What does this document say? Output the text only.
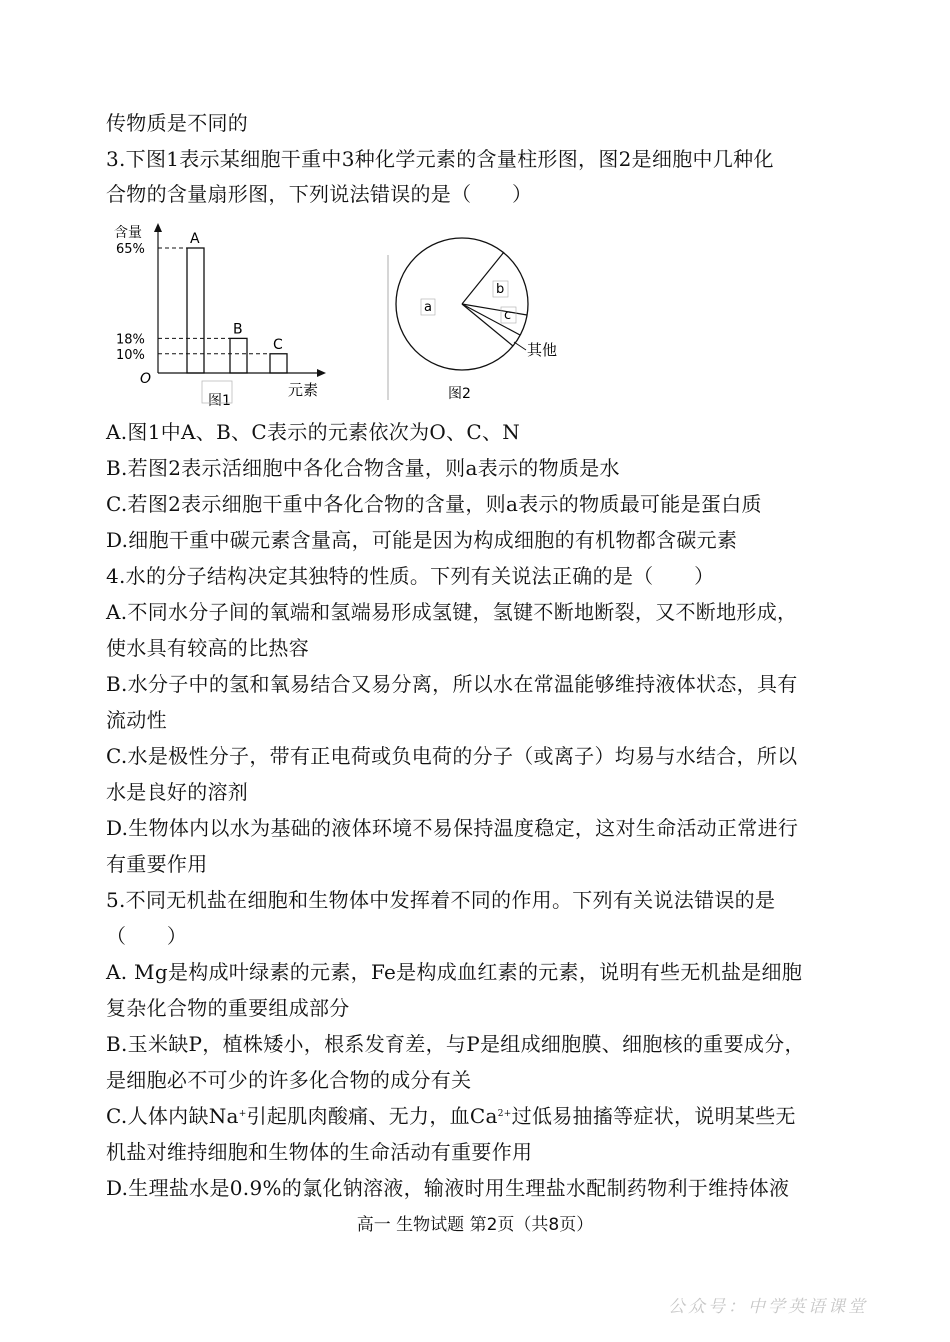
传物质是不同的
3.下图1表示某细胞干重中3种化学元素的含量柱形图，图2是细胞中几种化
合物的含量扇形图，下列说法错误的是（　　）
含量
O
元素
A
65%
B
18%	C
10%
图1
a
b
c
其他
图2
A.图1中A、B、C表示的元素依次为O、C、N
B.若图2表示活细胞中各化合物含量，则a表示的物质是水
C.若图2表示细胞干重中各化合物的含量，则a表示的物质最可能是蛋白质
D.细胞干重中碳元素含量高，可能是因为构成细胞的有机物都含碳元素
4.水的分子结构决定其独特的性质。下列有关说法正确的是（　　）
A.不同水分子间的氧端和氢端易形成氢键，氢键不断地断裂，又不断地形成，
使水具有较高的比热容
B.水分子中的氢和氧易结合又易分离，所以水在常温能够维持液体状态，具有
流动性
C.水是极性分子，带有正电荷或负电荷的分子（或离子）均易与水结合，所以
水是良好的溶剂
D.生物体内以水为基础的液体环境不易保持温度稳定，这对生命活动正常进行
有重要作用
5.不同无机盐在细胞和生物体中发挥着不同的作用。下列有关说法错误的是
（　　）
A. Mg是构成叶绿素的元素，Fe是构成血红素的元素，说明有些无机盐是细胞
复杂化合物的重要组成部分
B.玉米缺P，植株矮小，根系发育差，与P是组成细胞膜、细胞核的重要成分，
是细胞必不可少的许多化合物的成分有关
C.人体内缺Na+引起肌肉酸痛、无力，血$Ca^{2+}$过低易抽搐等症状，说明某些无
机盐对维持细胞和生物体的生命活动有重要作用
D.生理盐水是0.9%的氯化钠溶液，输液时用生理盐水配制药物利于维持体液
高一 生物试题 第2页（共8页）
公众号：中学英语课堂
